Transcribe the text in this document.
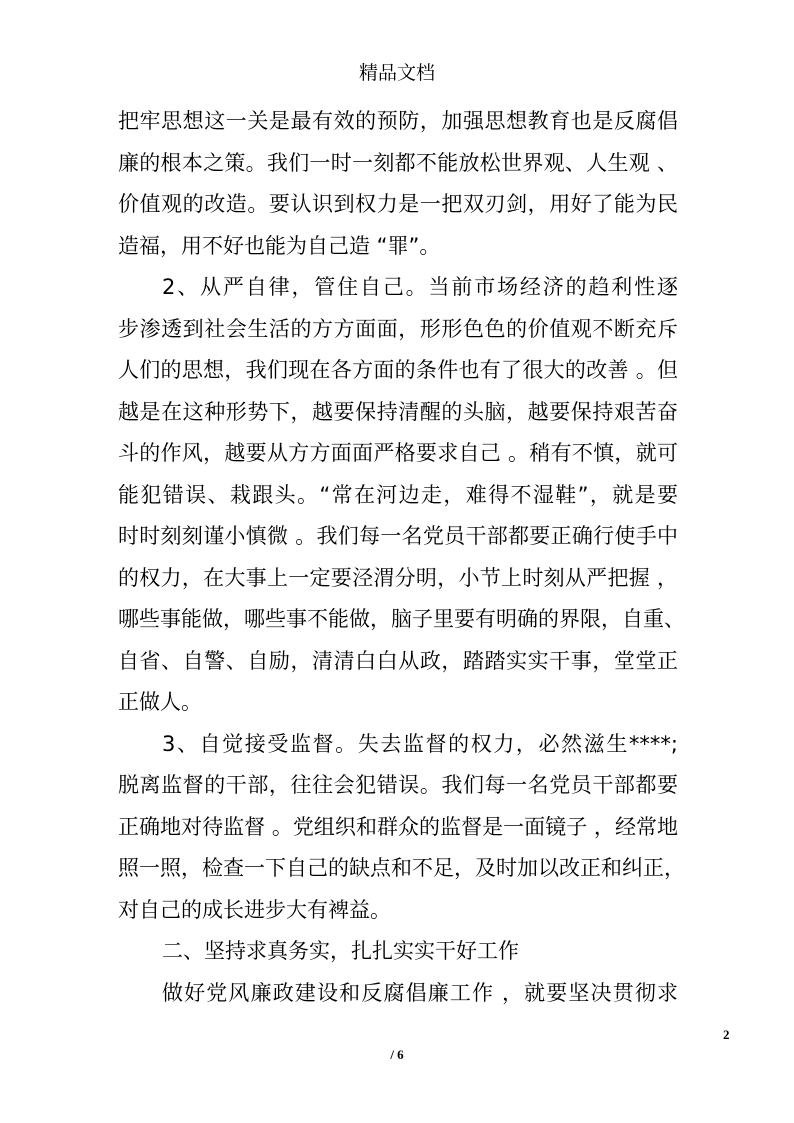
精品文档
把牢思想这一关是最有效的预防，加强思想教育也是反腐倡
廉的根本之策。我们一时一刻都不能放松世界观、人生观 、
价值观的改造。要认识到权力是一把双刃剑，用好了能为民
造福，用不好也能为自己造 “罪”。
2、从严自律，管住自己。当前市场经济的趋利性逐
步渗透到社会生活的方方面面，形形色色的价值观不断充斥
人们的思想，我们现在各方面的条件也有了很大的改善 。但
越是在这种形势下，越要保持清醒的头脑，越要保持艰苦奋
斗的作风，越要从方方面面严格要求自己 。稍有不慎，就可
能犯错误、栽跟头。“常在河边走，难得不湿鞋”，就是要
时时刻刻谨小慎微 。我们每一名党员干部都要正确行使手中
的权力，在大事上一定要泾渭分明，小节上时刻从严把握 ，
哪些事能做，哪些事不能做，脑子里要有明确的界限，自重、
自省、自警、自励，清清白白从政，踏踏实实干事，堂堂正
正做人。
3、自觉接受监督。失去监督的权力，必然滋生****;
脱离监督的干部，往往会犯错误。我们每一名党员干部都要
正确地对待监督 。党组织和群众的监督是一面镜子 ，经常地
照一照，检查一下自己的缺点和不足，及时加以改正和纠正，
对自己的成长进步大有裨益。
二、坚持求真务实，扎扎实实干好工作
做好党风廉政建设和反腐倡廉工作 ，就要坚决贯彻求
2
/ 6
